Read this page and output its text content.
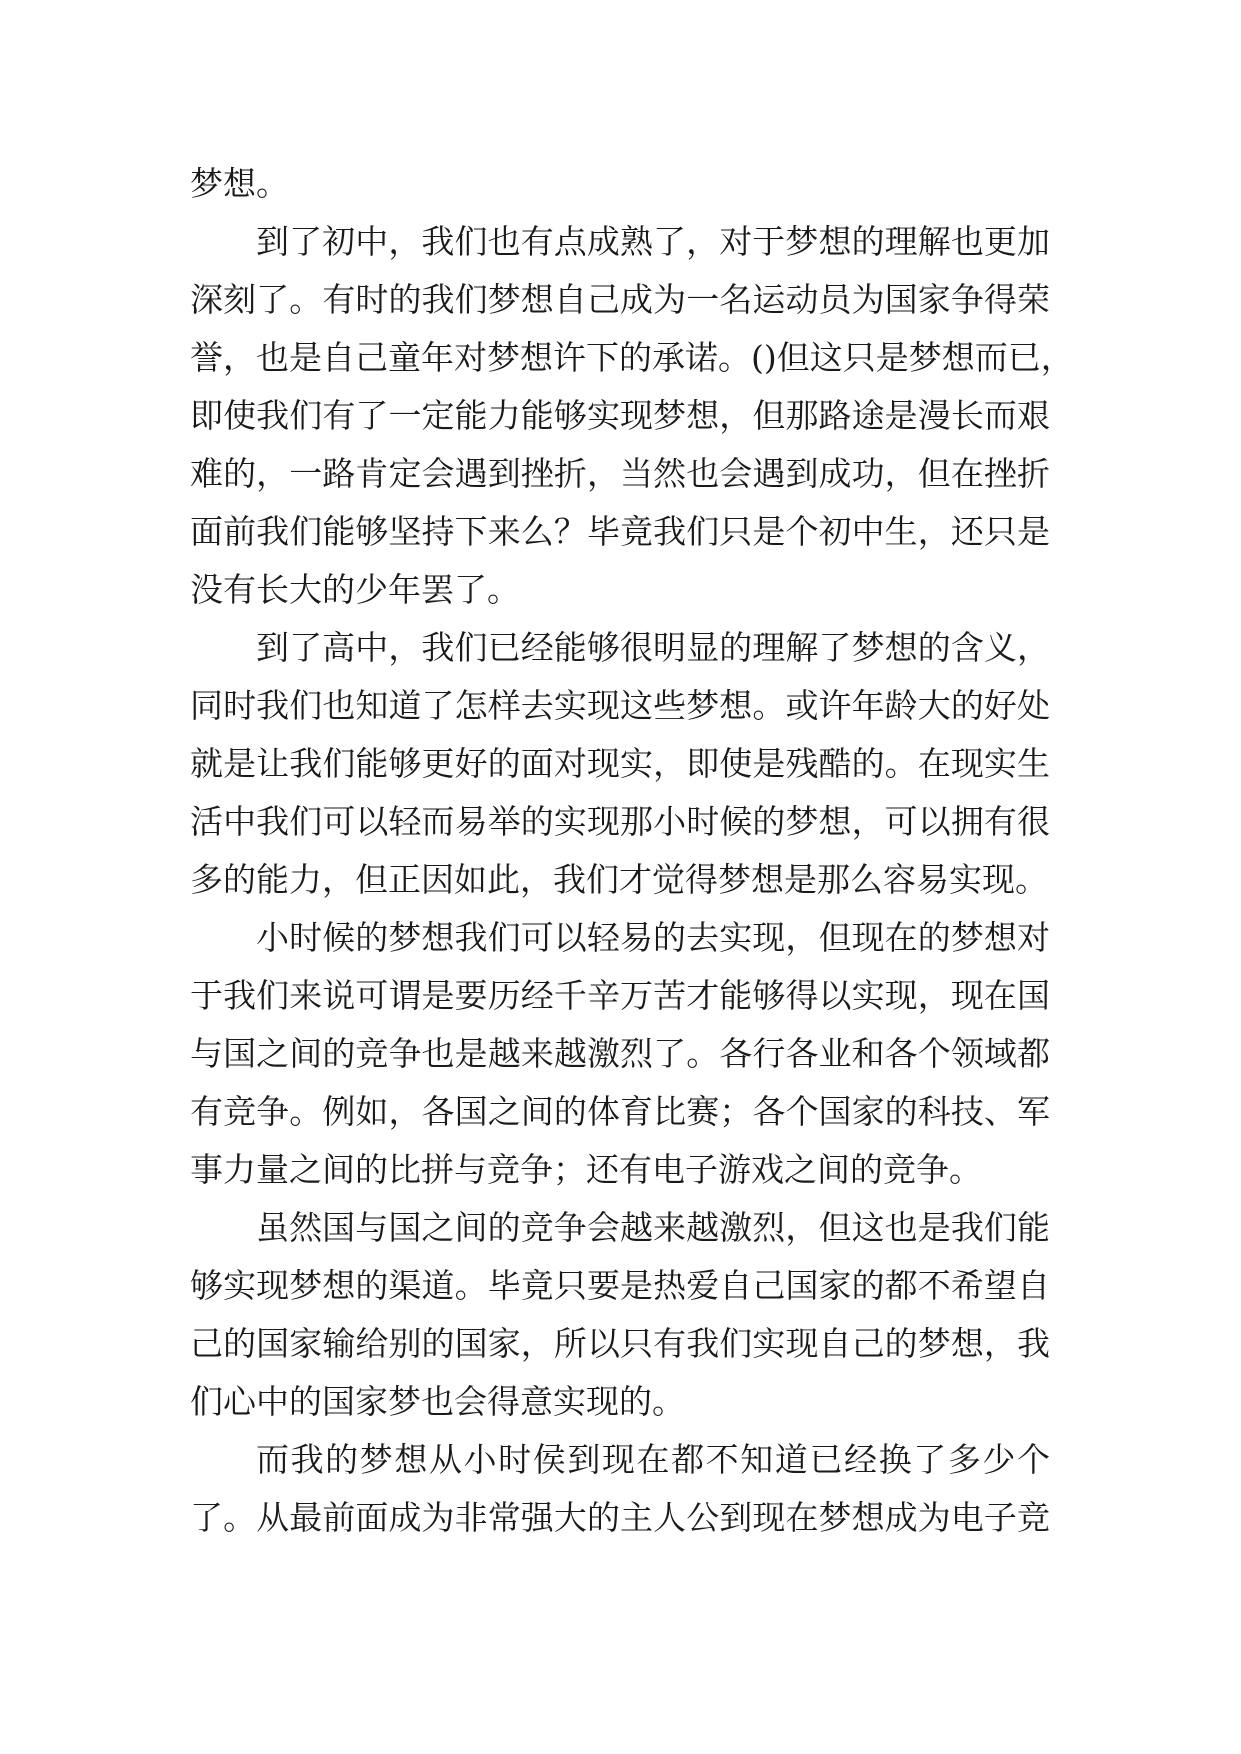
梦想。

到了初中，我们也有点成熟了，对于梦想的理解也更加

深刻了。有时的我们梦想自己成为一名运动员为国家争得荣

誉，也是自己童年对梦想许下的承诺。()但这只是梦想而已，

即使我们有了一定能力能够实现梦想，但那路途是漫长而艰

难的，一路肯定会遇到挫折，当然也会遇到成功，但在挫折

面前我们能够坚持下来么？毕竟我们只是个初中生，还只是

没有长大的少年罢了。

到了高中，我们已经能够很明显的理解了梦想的含义，

同时我们也知道了怎样去实现这些梦想。或许年龄大的好处

就是让我们能够更好的面对现实，即使是残酷的。在现实生

活中我们可以轻而易举的实现那小时候的梦想，可以拥有很

多的能力，但正因如此，我们才觉得梦想是那么容易实现。

小时候的梦想我们可以轻易的去实现，但现在的梦想对

于我们来说可谓是要历经千辛万苦才能够得以实现，现在国

与国之间的竞争也是越来越激烈了。各行各业和各个领域都

有竞争。例如，各国之间的体育比赛；各个国家的科技、军

事力量之间的比拼与竞争；还有电子游戏之间的竞争。

虽然国与国之间的竞争会越来越激烈，但这也是我们能

够实现梦想的渠道。毕竟只要是热爱自己国家的都不希望自

己的国家输给别的国家，所以只有我们实现自己的梦想，我

们心中的国家梦也会得意实现的。

而我的梦想从小时侯到现在都不知道已经换了多少个

了。从最前面成为非常强大的主人公到现在梦想成为电子竞
